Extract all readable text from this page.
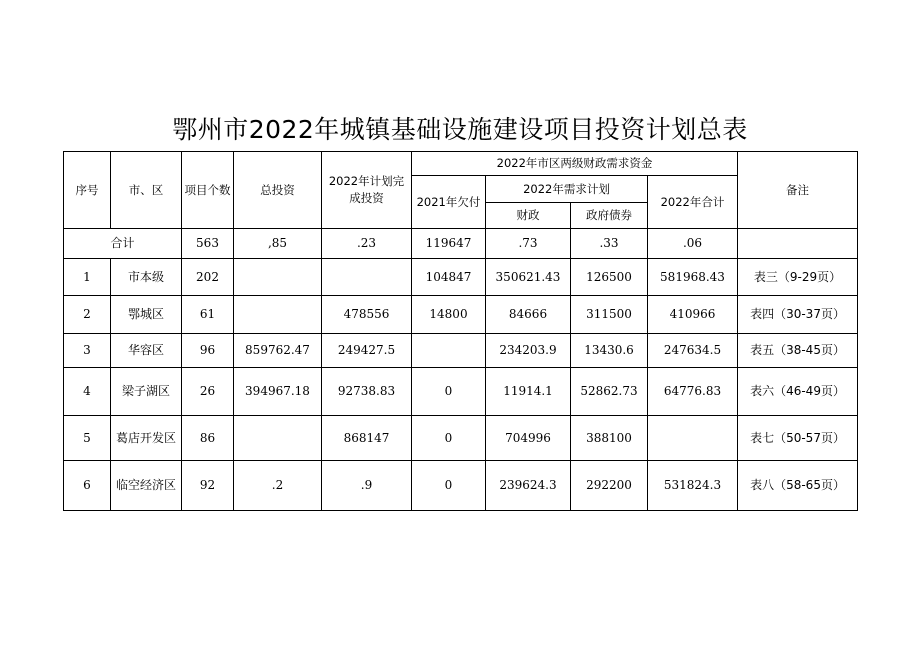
鄂州市2022年城镇基础设施建设项目投资计划总表
序号	市、区	项目个数	总投资	2022年计划完成投资	2022年市区两级财政需求资金				备注
					2021年欠付	2022年需求计划		2022年合计	
						财政	政府债券		
合计		563	,85	.23	119647	.73	.33	.06	
1	市本级	202			104847	350621.43	126500	581968.43	表三（9-29页）
2	鄂城区	61		478556	14800	84666	311500	410966	表四（30-37页）
3	华容区	96	859762.47	249427.5		234203.9	13430.6	247634.5	表五（38-45页）
4	梁子湖区	26	394967.18	92738.83	0	11914.1	52862.73	64776.83	表六（46-49页）
5	葛店开发区	86		868147	0	704996	388100		表七（50-57页）
6	临空经济区	92	.2	.9	0	239624.3	292200	531824.3	表八（58-65页）
